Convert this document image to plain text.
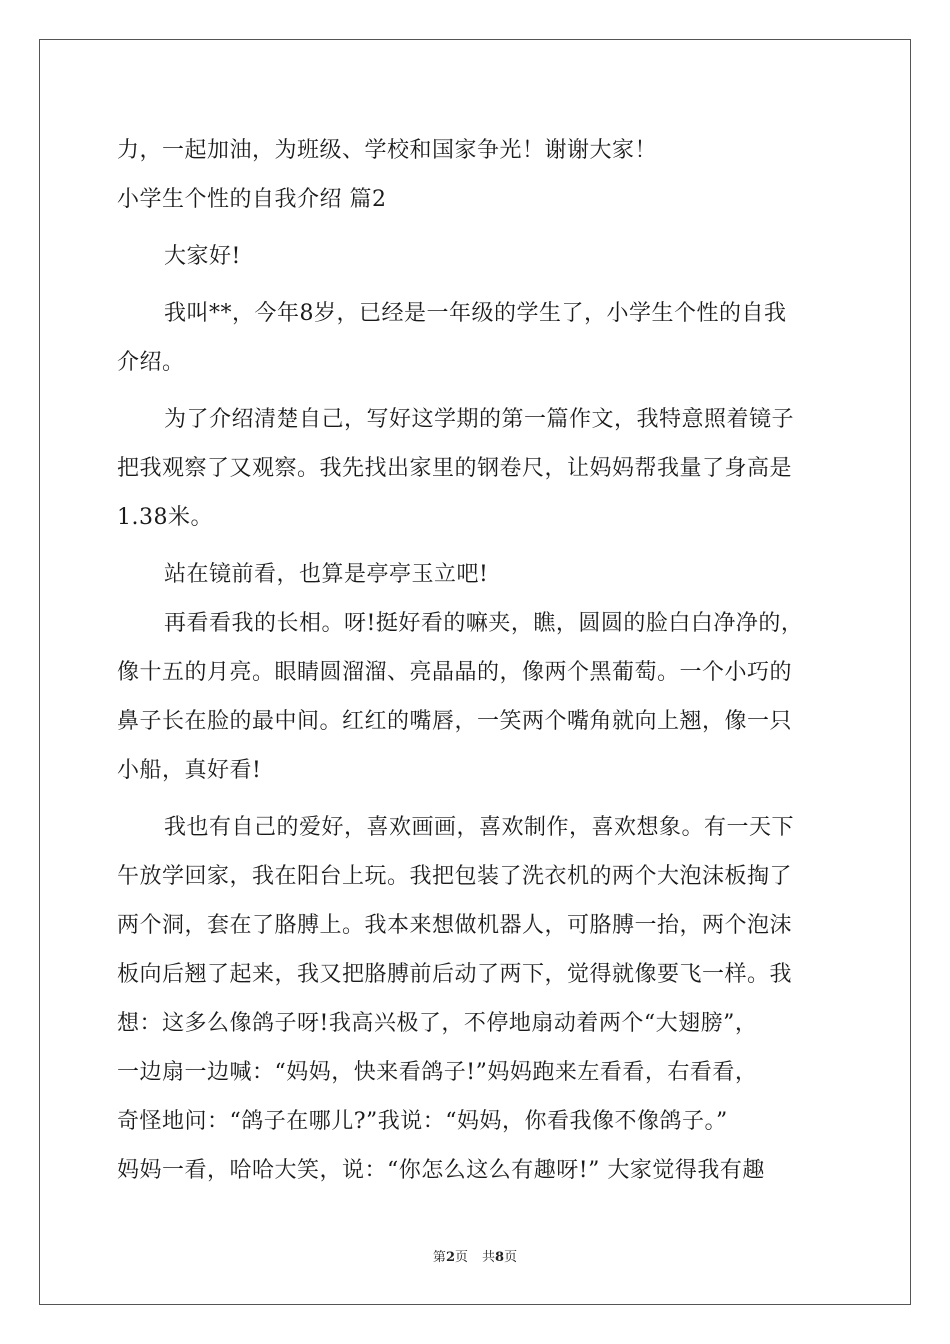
力，一起加油，为班级、学校和国家争光！谢谢大家！
小学生个性的自我介绍 篇2
大家好!
我叫**，今年8岁，已经是一年级的学生了，小学生个性的自我
介绍。
为了介绍清楚自己，写好这学期的第一篇作文，我特意照着镜子
把我观察了又观察。我先找出家里的钢卷尺，让妈妈帮我量了身高是
1.38米。
站在镜前看，也算是亭亭玉立吧!
再看看我的长相。呀!挺好看的嘛夹，瞧，圆圆的脸白白净净的，
像十五的月亮。眼睛圆溜溜、亮晶晶的，像两个黑葡萄。一个小巧的
鼻子长在脸的最中间。红红的嘴唇，一笑两个嘴角就向上翘，像一只
小船，真好看!
我也有自己的爱好，喜欢画画，喜欢制作，喜欢想象。有一天下
午放学回家，我在阳台上玩。我把包装了洗衣机的两个大泡沫板掏了
两个洞，套在了胳膊上。我本来想做机器人，可胳膊一抬，两个泡沫
板向后翘了起来，我又把胳膊前后动了两下，觉得就像要飞一样。我
想：这多么像鸽子呀!我高兴极了，不停地扇动着两个“大翅膀”，
一边扇一边喊：“妈妈，快来看鸽子!”妈妈跑来左看看，右看看，
奇怪地问：“鸽子在哪儿?”我说：“妈妈，你看我像不像鸽子。”
妈妈一看，哈哈大笑，说：“你怎么这么有趣呀!” 大家觉得我有趣
第2页 共8页
